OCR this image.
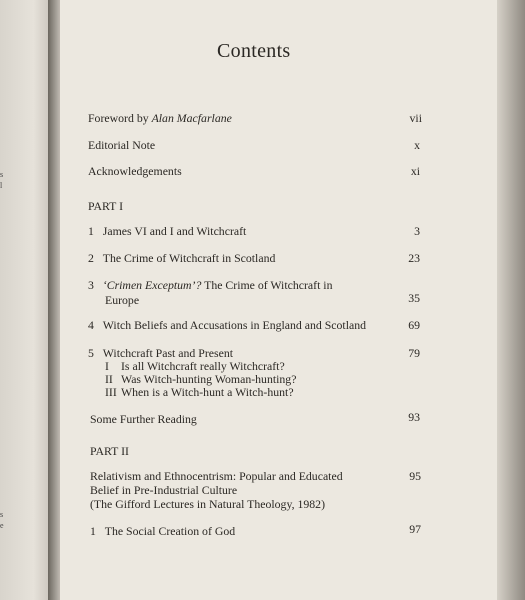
s
l
s
e
Contents
Foreword by Alan Macfarlane	vii
Editorial Note	x
Acknowledgements	xi
PART I
1 James VI and I and Witchcraft	3
2 The Crime of Witchcraft in Scotland	23
3 ‘Crimen Exceptum’? The Crime of Witchcraft in
Europe	35
4 Witch Beliefs and Accusations in England and Scotland	69
5 Witchcraft Past and Present	79
I Is all Witchcraft really Witchcraft?
II Was Witch-hunting Woman-hunting?
III When is a Witch-hunt a Witch-hunt?
Some Further Reading	93
PART II
Relativism and Ethnocentrism: Popular and Educated
Belief in Pre-Industrial Culture
(The Gifford Lectures in Natural Theology, 1982)
95
1 The Social Creation of God	97
